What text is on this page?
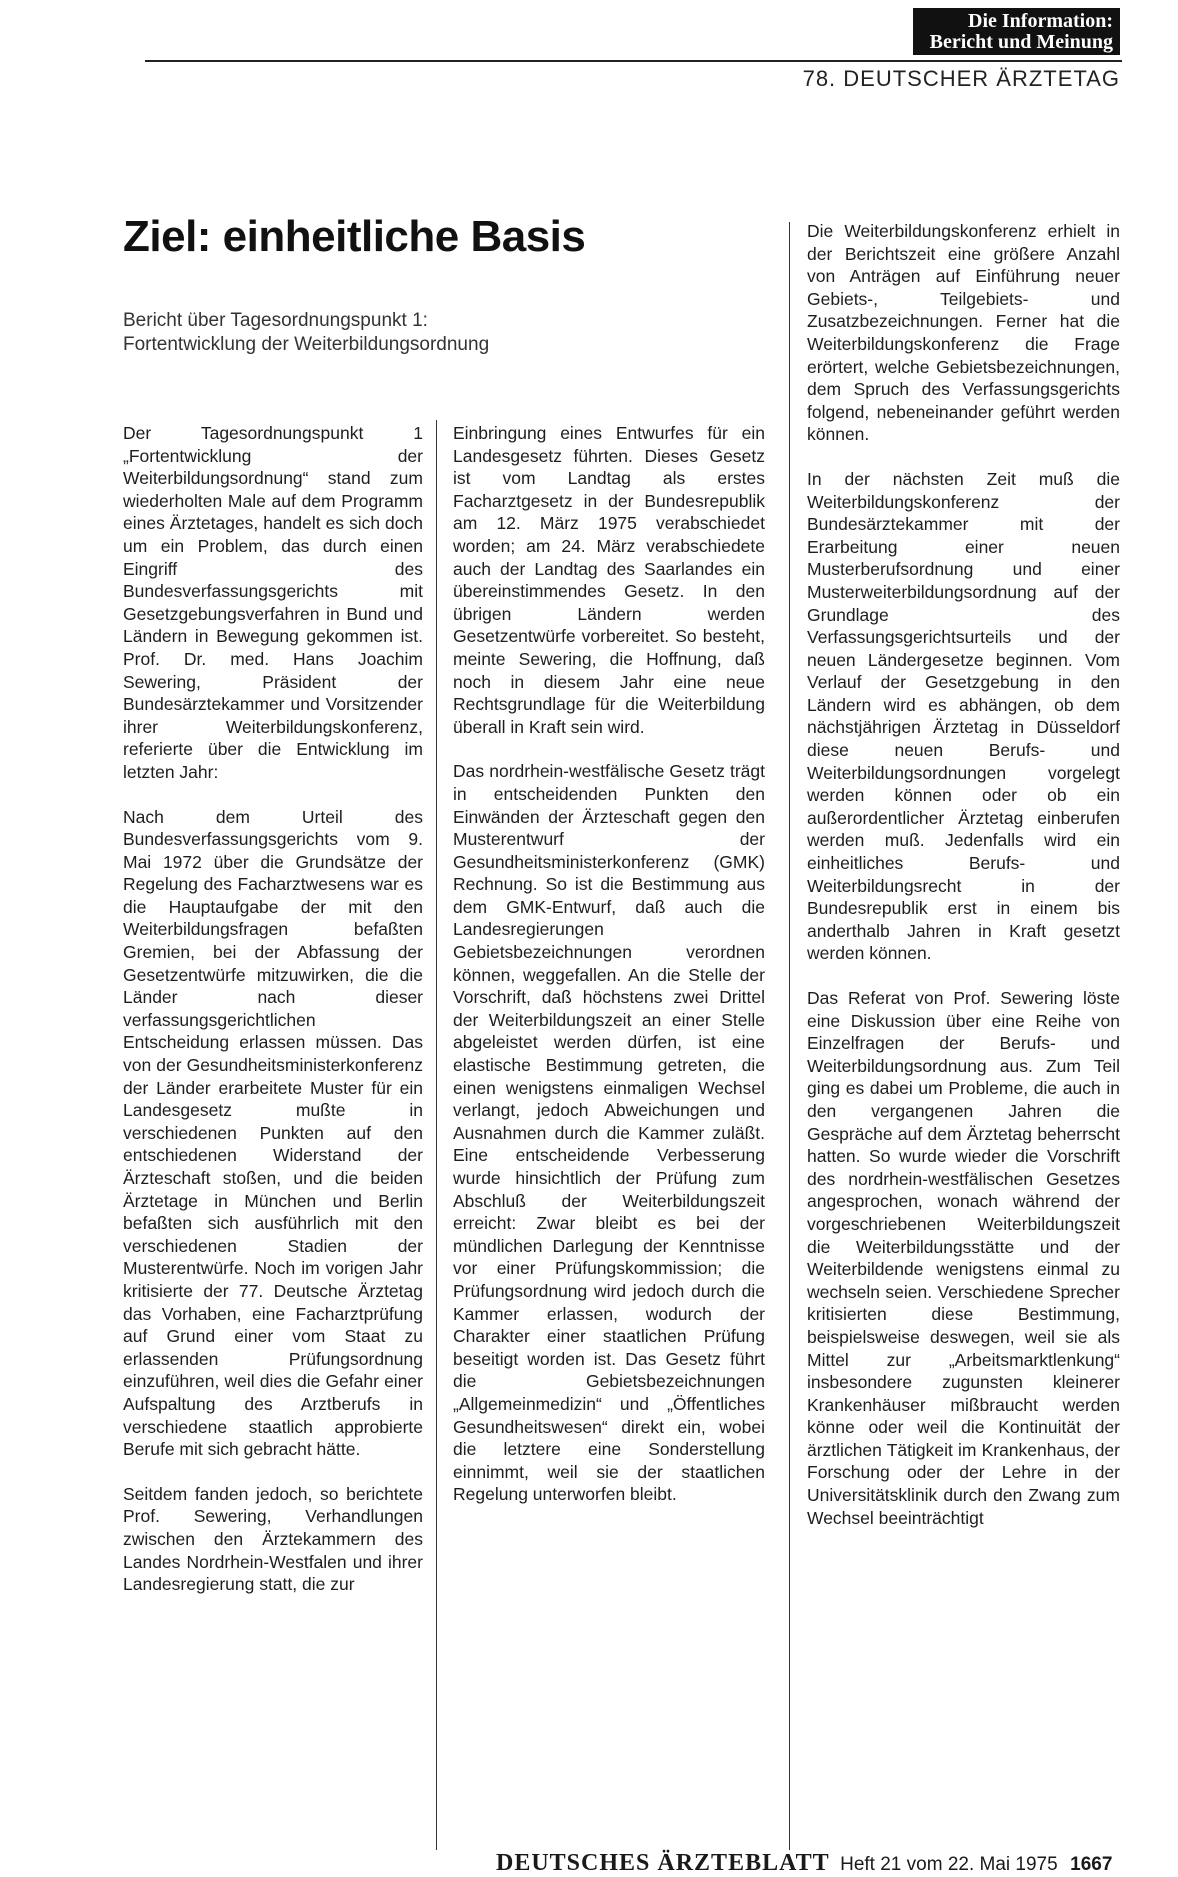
Die Information:
Bericht und Meinung
78. DEUTSCHER ÄRZTETAG
Ziel: einheitliche Basis
Bericht über Tagesordnungspunkt 1:
Fortentwicklung der Weiterbildungsordnung

Der Tagesordnungspunkt 1 „Fortentwicklung der Weiterbildungsordnung“ stand zum wiederholten Male auf dem Programm eines Ärztetages, handelt es sich doch um ein Problem, das durch einen Eingriff des Bundesverfassungsgerichts mit Gesetzgebungsverfahren in Bund und Ländern in Bewegung gekommen ist. Prof. Dr. med. Hans Joachim Sewering, Präsident der Bundesärztekammer und Vorsitzender ihrer Weiterbildungskonferenz, referierte über die Entwicklung im letzten Jahr:

Nach dem Urteil des Bundesverfassungsgerichts vom 9. Mai 1972 über die Grundsätze der Regelung des Facharztwesens war es die Hauptaufgabe der mit den Weiterbildungsfragen befaßten Gremien, bei der Abfassung der Gesetzentwürfe mitzuwirken, die die Länder nach dieser verfassungsgerichtlichen Entscheidung erlassen müssen. Das von der Gesundheitsministerkonferenz der Länder erarbeitete Muster für ein Landesgesetz mußte in verschiedenen Punkten auf den entschiedenen Widerstand der Ärzteschaft stoßen, und die beiden Ärztetage in München und Berlin befaßten sich ausführlich mit den verschiedenen Stadien der Musterentwürfe. Noch im vorigen Jahr kritisierte der 77. Deutsche Ärztetag das Vorhaben, eine Facharztprüfung auf Grund einer vom Staat zu erlassenden Prüfungsordnung einzuführen, weil dies die Gefahr einer Aufspaltung des Arztberufs in verschiedene staatlich approbierte Berufe mit sich gebracht hätte.

Seitdem fanden jedoch, so berichtete Prof. Sewering, Verhandlungen zwischen den Ärztekammern des Landes Nordrhein-Westfalen und ihrer Landesregierung statt, die zur

Einbringung eines Entwurfes für ein Landesgesetz führten. Dieses Gesetz ist vom Landtag als erstes Facharztgesetz in der Bundesrepublik am 12. März 1975 verabschiedet worden; am 24. März verabschiedete auch der Landtag des Saarlandes ein übereinstimmendes Gesetz. In den übrigen Ländern werden Gesetzentwürfe vorbereitet. So besteht, meinte Sewering, die Hoffnung, daß noch in diesem Jahr eine neue Rechtsgrundlage für die Weiterbildung überall in Kraft sein wird.

Das nordrhein-westfälische Gesetz trägt in entscheidenden Punkten den Einwänden der Ärzteschaft gegen den Musterentwurf der Gesundheitsministerkonferenz (GMK) Rechnung. So ist die Bestimmung aus dem GMK-Entwurf, daß auch die Landesregierungen Gebietsbezeichnungen verordnen können, weggefallen. An die Stelle der Vorschrift, daß höchstens zwei Drittel der Weiterbildungszeit an einer Stelle abgeleistet werden dürfen, ist eine elastische Bestimmung getreten, die einen wenigstens einmaligen Wechsel verlangt, jedoch Abweichungen und Ausnahmen durch die Kammer zuläßt. Eine entscheidende Verbesserung wurde hinsichtlich der Prüfung zum Abschluß der Weiterbildungszeit erreicht: Zwar bleibt es bei der mündlichen Darlegung der Kenntnisse vor einer Prüfungskommission; die Prüfungsordnung wird jedoch durch die Kammer erlassen, wodurch der Charakter einer staatlichen Prüfung beseitigt worden ist. Das Gesetz führt die Gebietsbezeichnungen „Allgemeinmedizin“ und „Öffentliches Gesundheitswesen“ direkt ein, wobei die letztere eine Sonderstellung einnimmt, weil sie der staatlichen Regelung unterworfen bleibt.

Die Weiterbildungskonferenz erhielt in der Berichtszeit eine größere Anzahl von Anträgen auf Einführung neuer Gebiets-, Teilgebiets- und Zusatzbezeichnungen. Ferner hat die Weiterbildungskonferenz die Frage erörtert, welche Gebietsbezeichnungen, dem Spruch des Verfassungsgerichts folgend, nebeneinander geführt werden können.

In der nächsten Zeit muß die Weiterbildungskonferenz der Bundesärztekammer mit der Erarbeitung einer neuen Musterberufsordnung und einer Musterweiterbildungsordnung auf der Grundlage des Verfassungsgerichtsurteils und der neuen Ländergesetze beginnen. Vom Verlauf der Gesetzgebung in den Ländern wird es abhängen, ob dem nächstjährigen Ärztetag in Düsseldorf diese neuen Berufs- und Weiterbildungsordnungen vorgelegt werden können oder ob ein außerordentlicher Ärztetag einberufen werden muß. Jedenfalls wird ein einheitliches Berufs- und Weiterbildungsrecht in der Bundesrepublik erst in einem bis anderthalb Jahren in Kraft gesetzt werden können.

Das Referat von Prof. Sewering löste eine Diskussion über eine Reihe von Einzelfragen der Berufs- und Weiterbildungsordnung aus. Zum Teil ging es dabei um Probleme, die auch in den vergangenen Jahren die Gespräche auf dem Ärztetag beherrscht hatten. So wurde wieder die Vorschrift des nordrhein-westfälischen Gesetzes angesprochen, wonach während der vorgeschriebenen Weiterbildungszeit die Weiterbildungsstätte und der Weiterbildende wenigstens einmal zu wechseln seien. Verschiedene Sprecher kritisierten diese Bestimmung, beispielsweise deswegen, weil sie als Mittel zur „Arbeitsmarktlenkung“ insbesondere zugunsten kleinerer Krankenhäuser mißbraucht werden könne oder weil die Kontinuität der ärztlichen Tätigkeit im Krankenhaus, der Forschung oder der Lehre in der Universitätsklinik durch den Zwang zum Wechsel beeinträchtigt

DEUTSCHES ÄRZTEBLATT Heft 21 vom 22. Mai 1975 1667
